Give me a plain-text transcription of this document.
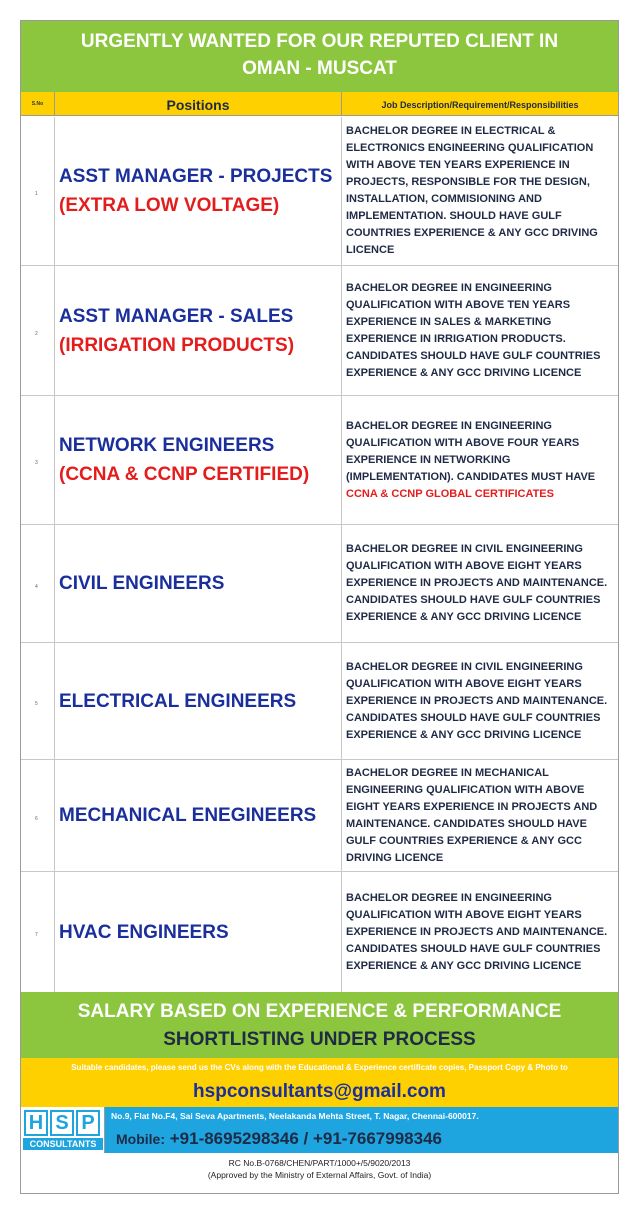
URGENTLY WANTED FOR OUR REPUTED CLIENT IN
OMAN - MUSCAT
S.No	Positions	Job Description/Requirement/Responsibilities
1
ASST MANAGER - PROJECTS
(EXTRA LOW VOLTAGE)
BACHELOR DEGREE IN ELECTRICAL & ELECTRONICS ENGINEERING QUALIFICATION WITH ABOVE TEN YEARS EXPERIENCE IN PROJECTS, RESPONSIBLE FOR THE DESIGN, INSTALLATION, COMMISIONING AND IMPLEMENTATION. SHOULD HAVE GULF COUNTRIES EXPERIENCE & ANY GCC DRIVING LICENCE
2
ASST MANAGER - SALES
(IRRIGATION PRODUCTS)
BACHELOR DEGREE IN ENGINEERING QUALIFICATION WITH ABOVE TEN YEARS EXPERIENCE IN SALES & MARKETING EXPERIENCE IN IRRIGATION PRODUCTS. CANDIDATES SHOULD HAVE GULF COUNTRIES EXPERIENCE & ANY GCC DRIVING LICENCE
3
NETWORK ENGINEERS
(CCNA & CCNP CERTIFIED)
BACHELOR DEGREE IN ENGINEERING QUALIFICATION WITH ABOVE FOUR YEARS EXPERIENCE IN NETWORKING (IMPLEMENTATION). CANDIDATES MUST HAVE
CCNA & CCNP GLOBAL CERTIFICATES
4 CIVIL ENGINEERS
BACHELOR DEGREE IN CIVIL ENGINEERING QUALIFICATION WITH ABOVE EIGHT YEARS EXPERIENCE IN PROJECTS AND MAINTENANCE. CANDIDATES SHOULD HAVE GULF COUNTRIES EXPERIENCE & ANY GCC DRIVING LICENCE
5 ELECTRICAL ENGINEERS
BACHELOR DEGREE IN CIVIL ENGINEERING QUALIFICATION WITH ABOVE EIGHT YEARS EXPERIENCE IN PROJECTS AND MAINTENANCE. CANDIDATES SHOULD HAVE GULF COUNTRIES EXPERIENCE & ANY GCC DRIVING LICENCE
6 MECHANICAL ENEGINEERS
BACHELOR DEGREE IN MECHANICAL ENGINEERING QUALIFICATION WITH ABOVE EIGHT YEARS EXPERIENCE IN PROJECTS AND MAINTENANCE. CANDIDATES SHOULD HAVE GULF COUNTRIES EXPERIENCE & ANY GCC DRIVING LICENCE
7 HVAC ENGINEERS
BACHELOR DEGREE IN ENGINEERING QUALIFICATION WITH ABOVE EIGHT YEARS EXPERIENCE IN PROJECTS AND MAINTENANCE. CANDIDATES SHOULD HAVE GULF COUNTRIES EXPERIENCE & ANY GCC DRIVING LICENCE
SALARY BASED ON EXPERIENCE & PERFORMANCE
SHORTLISTING UNDER PROCESS
Suitable candidates, please send us the CVs along with the Educational & Experience certificate copies, Passport Copy & Photo to
hspconsultants@gmail.com
H S P
CONSULTANTS
No.9, Flat No.F4, Sai Seva Apartments, Neelakanda Mehta Street, T. Nagar, Chennai-600017.
Mobile: +91-8695298346 / +91-7667998346
RC No.B-0768/CHEN/PART/1000+/5/9020/2013
(Approved by the Ministry of External Affairs, Govt. of India)
